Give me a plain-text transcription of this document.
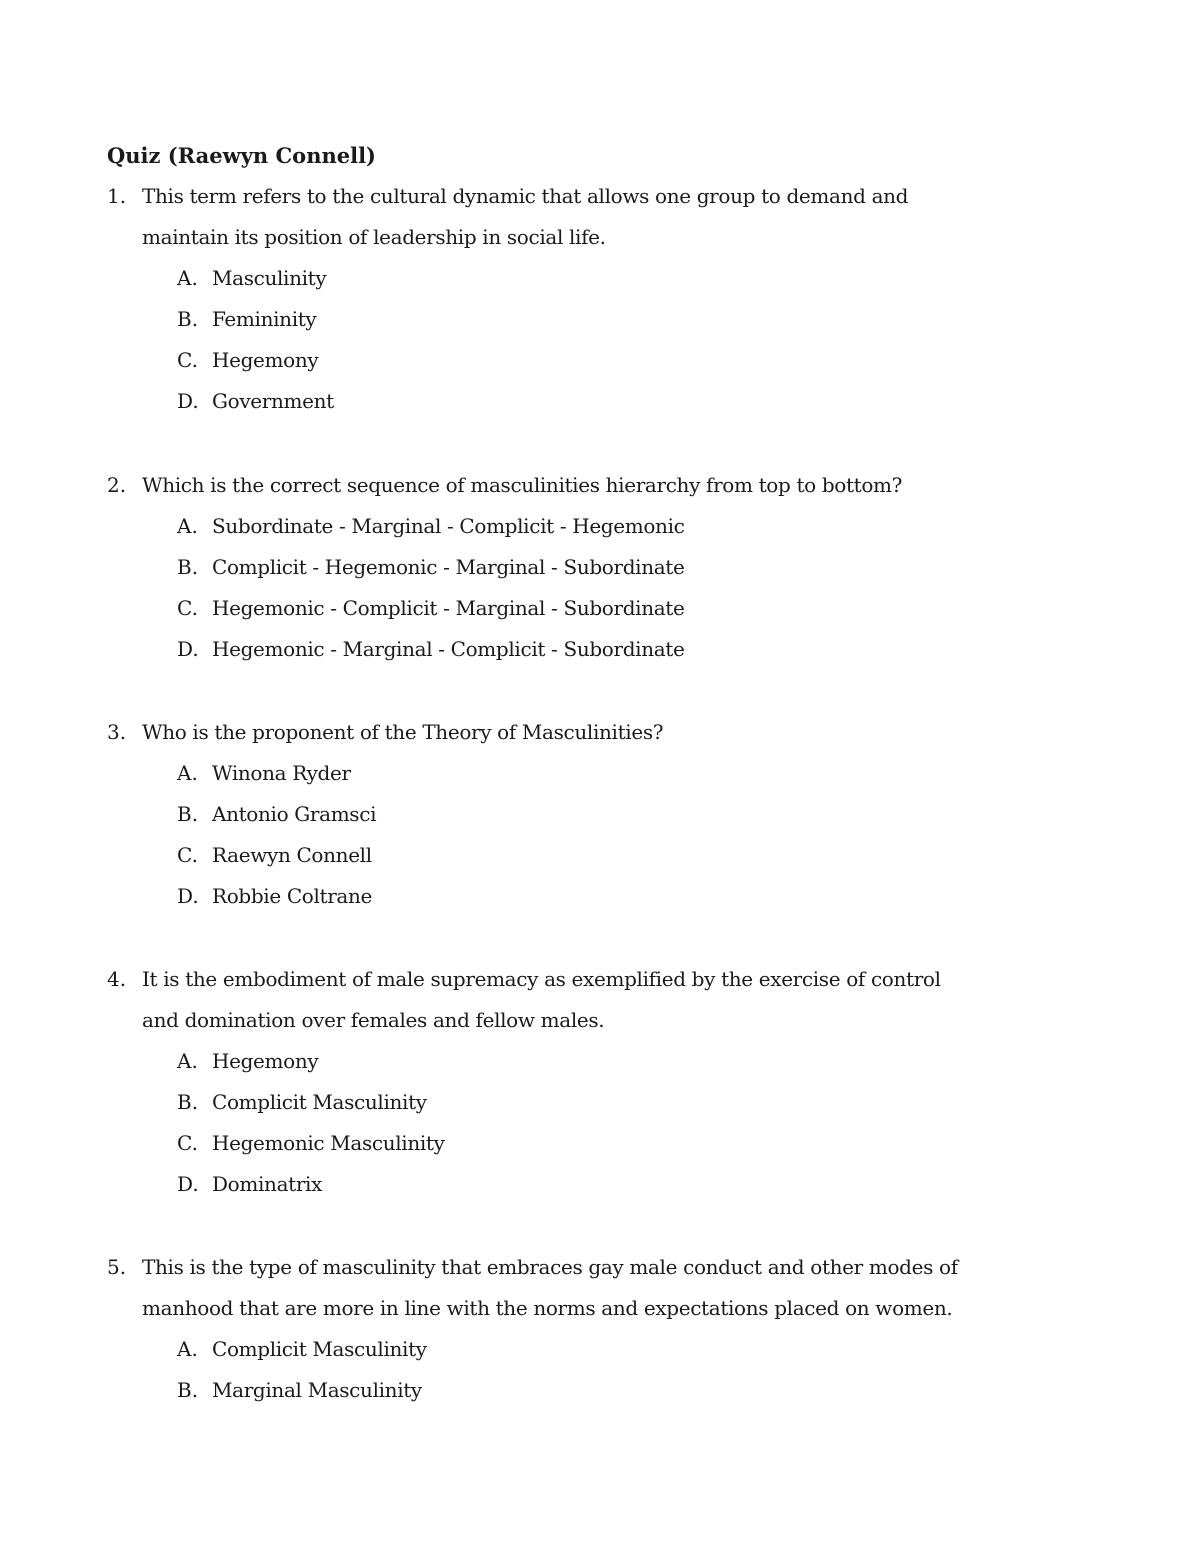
Quiz (Raewyn Connell)
1. This term refers to the cultural dynamic that allows one group to demand and
maintain its position of leadership in social life.
A. Masculinity
B. Femininity
C. Hegemony
D. Government
2. Which is the correct sequence of masculinities hierarchy from top to bottom?
A. Subordinate - Marginal - Complicit - Hegemonic
B. Complicit - Hegemonic - Marginal - Subordinate
C. Hegemonic - Complicit - Marginal - Subordinate
D. Hegemonic - Marginal - Complicit - Subordinate
3. Who is the proponent of the Theory of Masculinities?
A. Winona Ryder
B. Antonio Gramsci
C. Raewyn Connell
D. Robbie Coltrane
4. It is the embodiment of male supremacy as exemplified by the exercise of control
and domination over females and fellow males.
A. Hegemony
B. Complicit Masculinity
C. Hegemonic Masculinity
D. Dominatrix
5. This is the type of masculinity that embraces gay male conduct and other modes of
manhood that are more in line with the norms and expectations placed on women.
A. Complicit Masculinity
B. Marginal Masculinity
